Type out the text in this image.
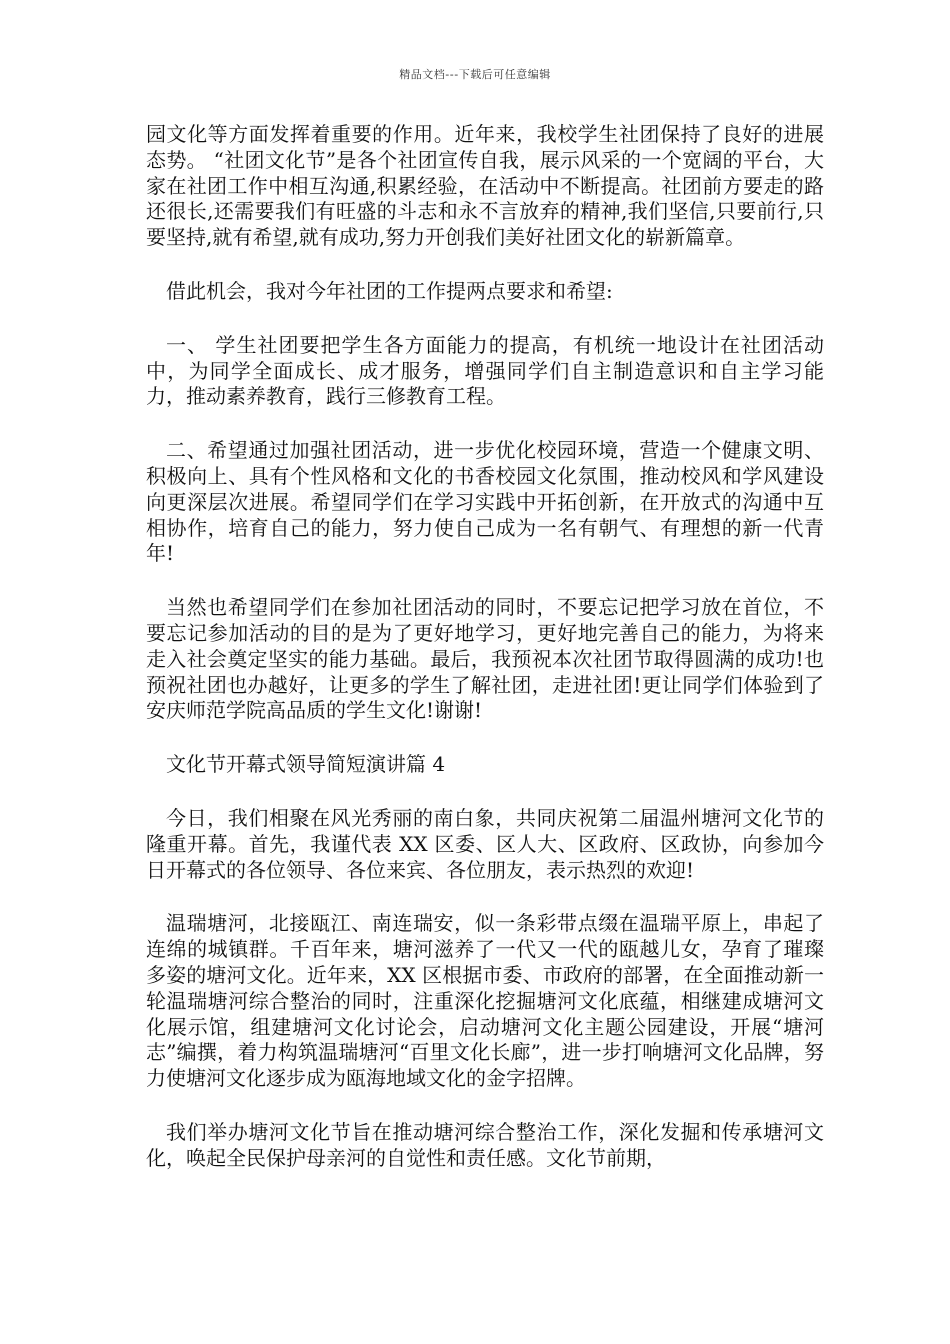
精品文档---下载后可任意编辑

园文化等方面发挥着重要的作用。近年来，我校学生社团保持了良好的进展态势。 “社团文化节”是各个社团宣传自我，展示风采的一个宽阔的平台，大家在社团工作中相互沟通,积累经验，在活动中不断提高。社团前方要走的路还很长,还需要我们有旺盛的斗志和永不言放弃的精神,我们坚信,只要前行,只要坚持,就有希望,就有成功,努力开创我们美好社团文化的崭新篇章。

借此机会，我对今年社团的工作提两点要求和希望:

一、 学生社团要把学生各方面能力的提高，有机统一地设计在社团活动中，为同学全面成长、成才服务，增强同学们自主制造意识和自主学习能力，推动素养教育，践行三修教育工程。

二、希望通过加强社团活动，进一步优化校园环境，营造一个健康文明、积极向上、具有个性风格和文化的书香校园文化氛围，推动校风和学风建设向更深层次进展。希望同学们在学习实践中开拓创新，在开放式的沟通中互相协作，培育自己的能力，努力使自己成为一名有朝气、有理想的新一代青年!

当然也希望同学们在参加社团活动的同时，不要忘记把学习放在首位，不要忘记参加活动的目的是为了更好地学习，更好地完善自己的能力，为将来走入社会奠定坚实的能力基础。最后，我预祝本次社团节取得圆满的成功!也预祝社团也办越好，让更多的学生了解社团，走进社团!更让同学们体验到了安庆师范学院高品质的学生文化!谢谢!

文化节开幕式领导简短演讲篇 4

今日，我们相聚在风光秀丽的南白象，共同庆祝第二届温州塘河文化节的隆重开幕。首先，我谨代表 XX 区委、区人大、区政府、区政协，向参加今日开幕式的各位领导、各位来宾、各位朋友，表示热烈的欢迎!

温瑞塘河，北接瓯江、南连瑞安，似一条彩带点缀在温瑞平原上，串起了连绵的城镇群。千百年来，塘河滋养了一代又一代的瓯越儿女，孕育了璀璨多姿的塘河文化。近年来，XX 区根据市委、市政府的部署，在全面推动新一轮温瑞塘河综合整治的同时，注重深化挖掘塘河文化底蕴，相继建成塘河文化展示馆，组建塘河文化讨论会，启动塘河文化主题公园建设，开展“塘河志”编撰，着力构筑温瑞塘河“百里文化长廊”，进一步打响塘河文化品牌，努力使塘河文化逐步成为瓯海地域文化的金字招牌。

我们举办塘河文化节旨在推动塘河综合整治工作，深化发掘和传承塘河文化，唤起全民保护母亲河的自觉性和责任感。文化节前期，
